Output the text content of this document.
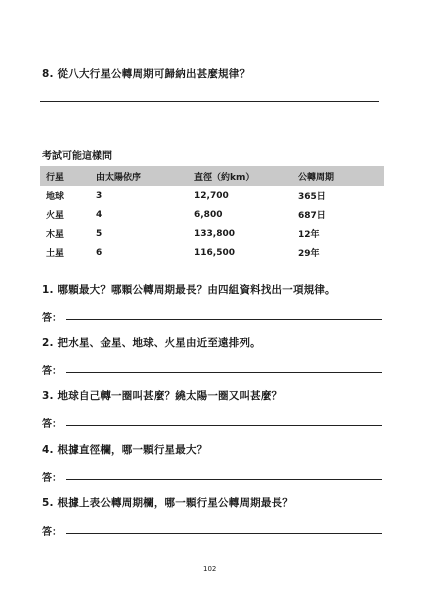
8. 從八大行星公轉周期可歸納出甚麼規律？
考試可能這樣問
行星	由太陽依序	直徑（約km）	公轉周期
地球	3	12,700	365日
火星	4	6,800	687日
木星	5	133,800	12年
土星	6	116,500	29年
1. 哪顆最大？哪顆公轉周期最長？由四組資料找出一項規律。
答：
2. 把水星、金星、地球、火星由近至遠排列。
答：
3. 地球自己轉一圈叫甚麼？繞太陽一圈又叫甚麼？
答：
4. 根據直徑欄，哪一顆行星最大？
答：
5. 根據上表公轉周期欄，哪一顆行星公轉周期最長？
答：
102
